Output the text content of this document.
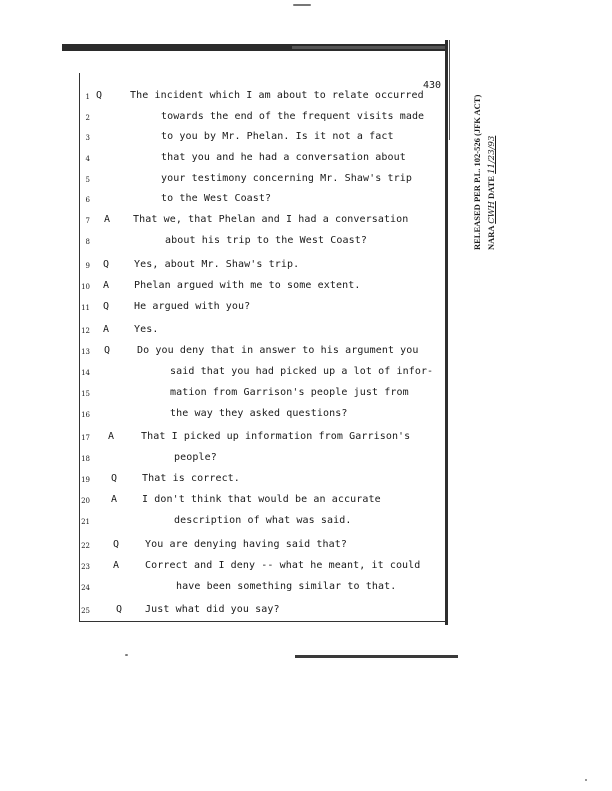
430
RELEASED PER P.L. 102-526 (JFK ACT) NARA CWH DATE 11/23/93
1 Q	The incident which I am about to relate occurred
2	towards the end of the frequent visits made
3	to you by Mr. Phelan. Is it not a fact
4	that you and he had a conversation about
5	your testimony concerning Mr. Shaw's trip
6	to the West Coast?
7 A That we, that Phelan and I had a conversation
8	about his trip to the West Coast?
9 Q Yes, about Mr. Shaw's trip.
10 A Phelan argued with me to some extent.
11 Q He argued with you?
12 A Yes.
13 Q	Do you deny that in answer to his argument you
14	said that you had picked up a lot of infor-
15	mation from Garrison's people just from
16	the way they asked questions?
17 A	That I picked up information from Garrison's
18	people?
19 Q That is correct.
20 A I don't think that would be an accurate
21	description of what was said.
22 Q	You are denying having said that?
23 A	Correct and I deny -- what he meant, it could
24	have been something similar to that.
25	Q Just what did you say?
